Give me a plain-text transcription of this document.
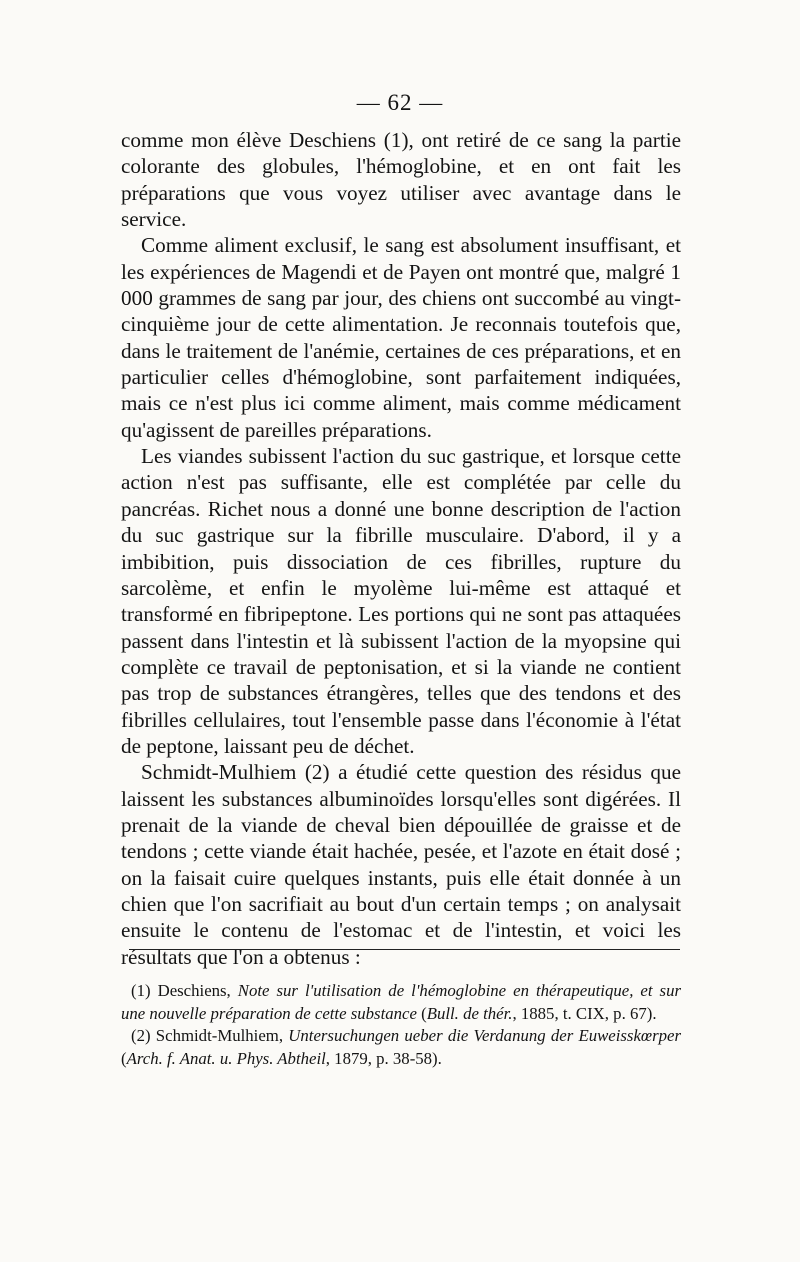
— 62 —

comme mon élève Deschiens (1), ont retiré de ce sang la partie colorante des globules, l'hémoglobine, et en ont fait les préparations que vous voyez utiliser avec avantage dans le service.

Comme aliment exclusif, le sang est absolument insuffisant, et les expériences de Magendi et de Payen ont montré que, malgré 1 000 grammes de sang par jour, des chiens ont succombé au vingt-cinquième jour de cette alimentation. Je reconnais toutefois que, dans le traitement de l'anémie, certaines de ces préparations, et en particulier celles d'hémoglobine, sont parfaitement indiquées, mais ce n'est plus ici comme aliment, mais comme médicament qu'agissent de pareilles préparations.

Les viandes subissent l'action du suc gastrique, et lorsque cette action n'est pas suffisante, elle est complétée par celle du pancréas. Richet nous a donné une bonne description de l'action du suc gastrique sur la fibrille musculaire. D'abord, il y a imbibition, puis dissociation de ces fibrilles, rupture du sarcolème, et enfin le myolème lui-même est attaqué et transformé en fibripeptone. Les portions qui ne sont pas attaquées passent dans l'intestin et là subissent l'action de la myopsine qui complète ce travail de peptonisation, et si la viande ne contient pas trop de substances étrangères, telles que des tendons et des fibrilles cellulaires, tout l'ensemble passe dans l'économie à l'état de peptone, laissant peu de déchet.

Schmidt-Mulhiem (2) a étudié cette question des résidus que laissent les substances albuminoïdes lorsqu'elles sont digérées. Il prenait de la viande de cheval bien dépouillée de graisse et de tendons ; cette viande était hachée, pesée, et l'azote en était dosé ; on la faisait cuire quelques instants, puis elle était donnée à un chien que l'on sacrifiait au bout d'un certain temps ; on analysait ensuite le contenu de l'estomac et de l'intestin, et voici les résultats que l'on a obtenus :

(1) Deschiens, Note sur l'utilisation de l'hémoglobine en thérapeutique, et sur une nouvelle préparation de cette substance (Bull. de thér., 1885, t. CIX, p. 67).

(2) Schmidt-Mulhiem, Untersuchungen ueber die Verdanung der Euweisskœrper (Arch. f. Anat. u. Phys. Abtheil, 1879, p. 38-58).
